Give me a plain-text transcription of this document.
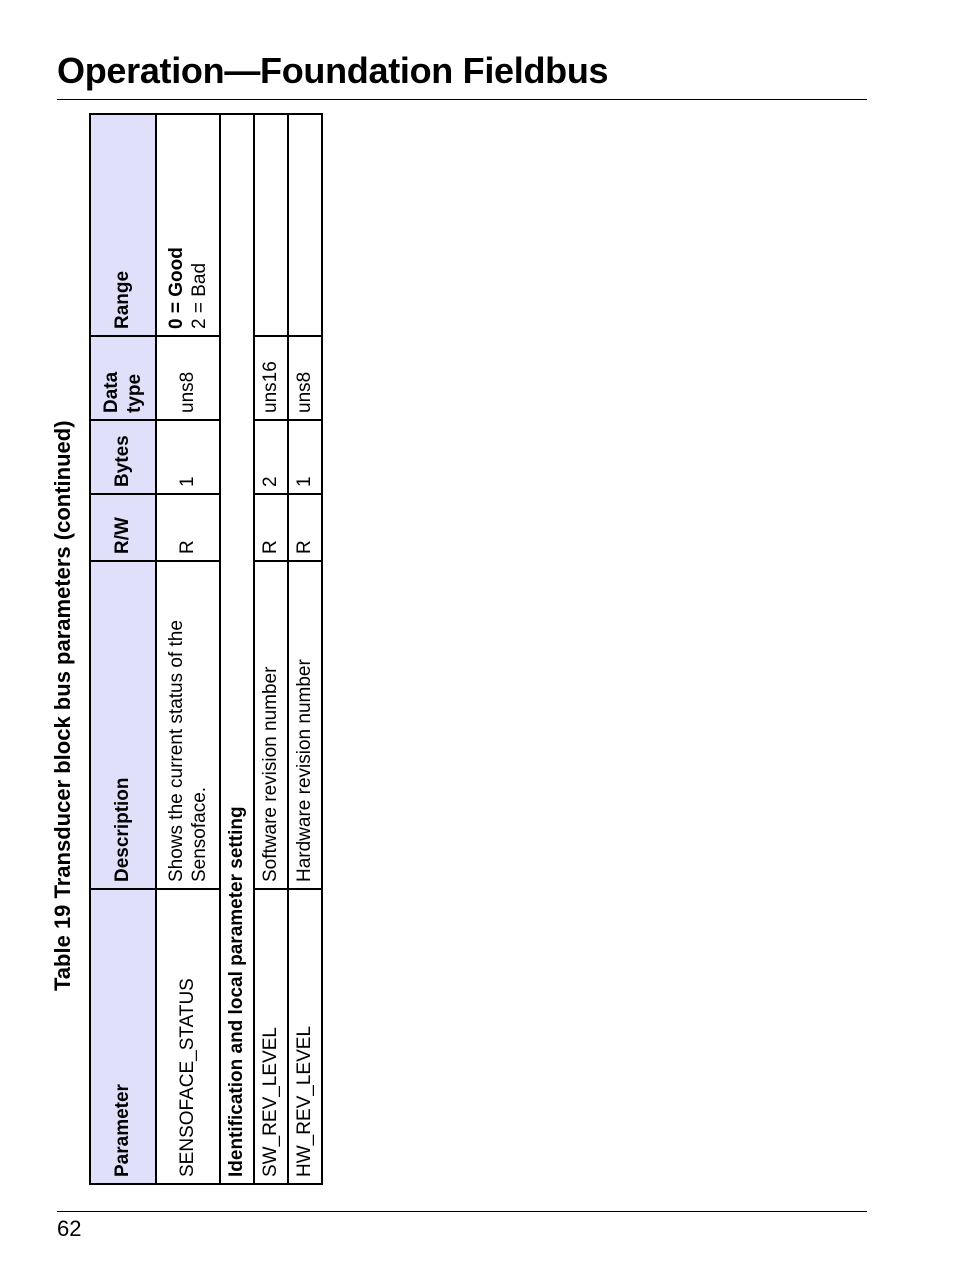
Operation—Foundation Fieldbus
Table 19 Transducer block bus parameters (continued)
Parameter	Description	R/W	Bytes	Data type	Range
SENSOFACE_STATUS	Shows the current status of the Sensoface.	R	1	uns8	0 = Good 2 = Bad

Identification and local parameter setting					
SW_REV_LEVEL	Software revision number	R	2	uns16	
HW_REV_LEVEL	Hardware revision number	R	1	uns8	
62
